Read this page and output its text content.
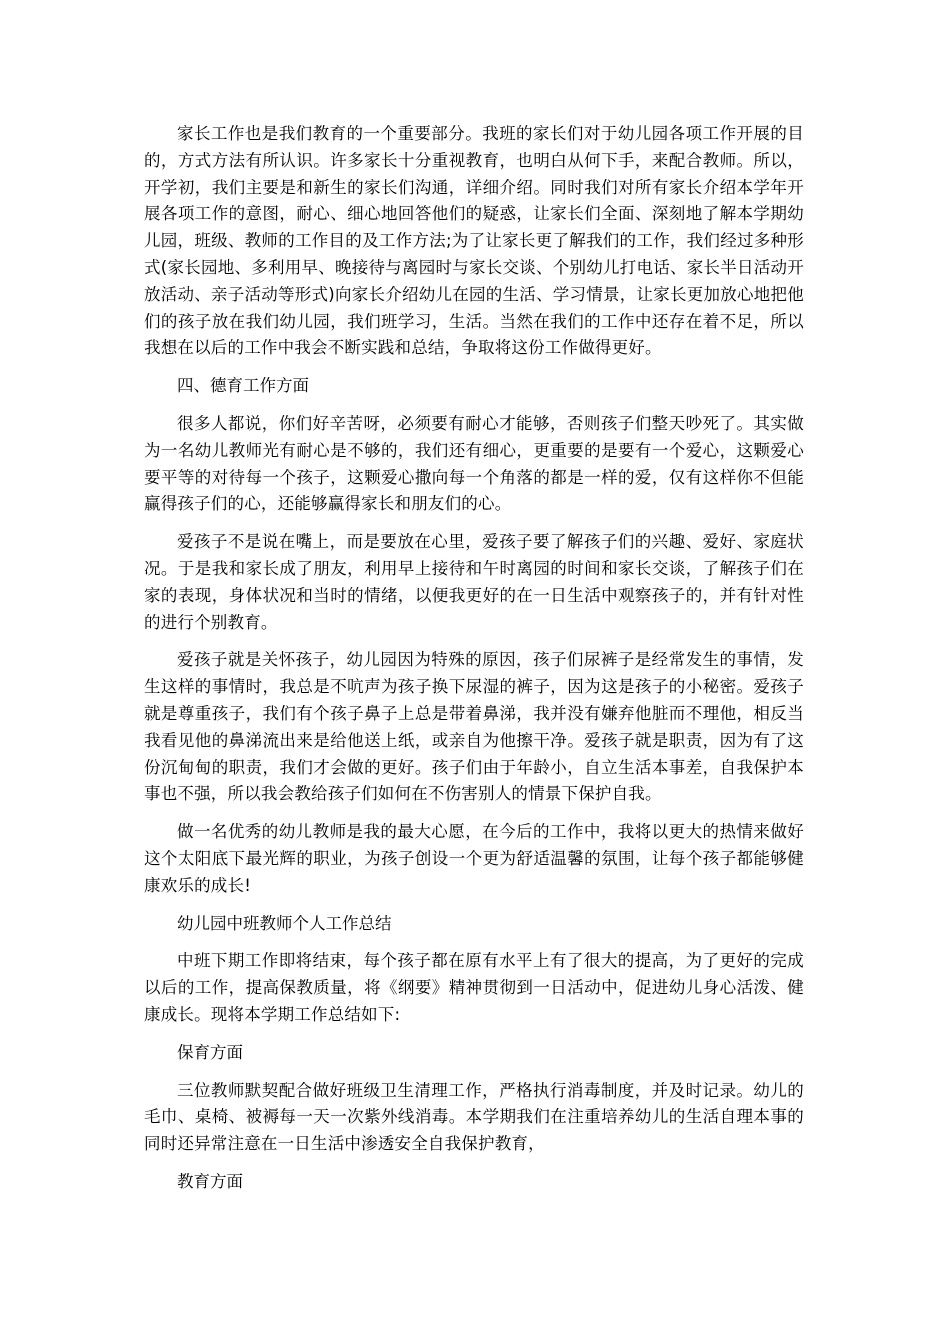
家长工作也是我们教育的一个重要部分。我班的家长们对于幼儿园各项工作开展的目的，方式方法有所认识。许多家长十分重视教育，也明白从何下手，来配合教师。所以，开学初，我们主要是和新生的家长们沟通，详细介绍。同时我们对所有家长介绍本学年开展各项工作的意图，耐心、细心地回答他们的疑惑，让家长们全面、深刻地了解本学期幼儿园，班级、教师的工作目的及工作方法;为了让家长更了解我们的工作，我们经过多种形式(家长园地、多利用早、晚接待与离园时与家长交谈、个别幼儿打电话、家长半日活动开放活动、亲子活动等形式)向家长介绍幼儿在园的生活、学习情景，让家长更加放心地把他们的孩子放在我们幼儿园，我们班学习，生活。当然在我们的工作中还存在着不足，所以我想在以后的工作中我会不断实践和总结，争取将这份工作做得更好。

四、德育工作方面

很多人都说，你们好辛苦呀，必须要有耐心才能够，否则孩子们整天吵死了。其实做为一名幼儿教师光有耐心是不够的，我们还有细心，更重要的是要有一个爱心，这颗爱心要平等的对待每一个孩子，这颗爱心撒向每一个角落的都是一样的爱，仅有这样你不但能赢得孩子们的心，还能够赢得家长和朋友们的心。

爱孩子不是说在嘴上，而是要放在心里，爱孩子要了解孩子们的兴趣、爱好、家庭状况。于是我和家长成了朋友，利用早上接待和午时离园的时间和家长交谈，了解孩子们在家的表现，身体状况和当时的情绪，以便我更好的在一日生活中观察孩子的，并有针对性的进行个别教育。

爱孩子就是关怀孩子，幼儿园因为特殊的原因，孩子们尿裤子是经常发生的事情，发生这样的事情时，我总是不吭声为孩子换下尿湿的裤子，因为这是孩子的小秘密。爱孩子就是尊重孩子，我们有个孩子鼻子上总是带着鼻涕，我并没有嫌弃他脏而不理他，相反当我看见他的鼻涕流出来是给他送上纸，或亲自为他擦干净。爱孩子就是职责，因为有了这份沉甸甸的职责，我们才会做的更好。孩子们由于年龄小，自立生活本事差，自我保护本事也不强，所以我会教给孩子们如何在不伤害别人的情景下保护自我。

做一名优秀的幼儿教师是我的最大心愿，在今后的工作中，我将以更大的热情来做好这个太阳底下最光辉的职业，为孩子创设一个更为舒适温馨的氛围，让每个孩子都能够健康欢乐的成长!

幼儿园中班教师个人工作总结

中班下期工作即将结束，每个孩子都在原有水平上有了很大的提高，为了更好的完成以后的工作，提高保教质量，将《纲要》精神贯彻到一日活动中，促进幼儿身心活泼、健康成长。现将本学期工作总结如下:

保育方面

三位教师默契配合做好班级卫生清理工作，严格执行消毒制度，并及时记录。幼儿的毛巾、桌椅、被褥每一天一次紫外线消毒。本学期我们在注重培养幼儿的生活自理本事的同时还异常注意在一日生活中渗透安全自我保护教育，

教育方面
